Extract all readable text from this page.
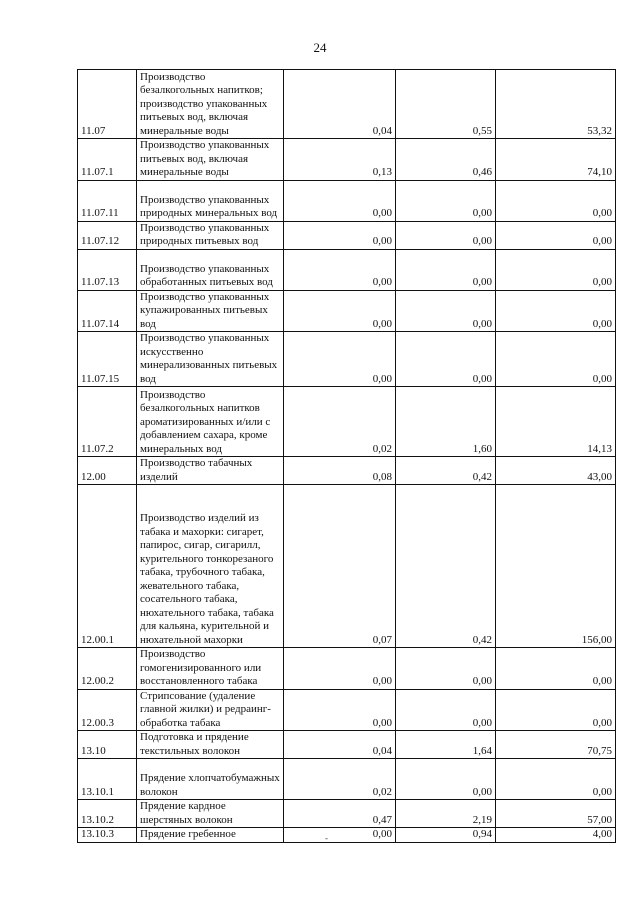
24
11.07	Производство безалкогольных напитков; производство упакованных питьевых вод, включая минеральные воды	0,04	0,55	53,32
11.07.1	Производство упакованных питьевых вод, включая минеральные воды	0,13	0,46	74,10
11.07.11	Производство упакованных природных минеральных вод	0,00	0,00	0,00
11.07.12	Производство упакованных природных питьевых вод	0,00	0,00	0,00
11.07.13	Производство упакованных обработанных питьевых вод	0,00	0,00	0,00
11.07.14	Производство упакованных купажированных питьевых вод	0,00	0,00	0,00
11.07.15	Производство упакованных искусственно минерализованных питьевых вод	0,00	0,00	0,00
11.07.2	Производство безалкогольных напитков ароматизированных и/или с добавлением сахара, кроме минеральных вод	0,02	1,60	14,13
12.00	Производство табачных изделий	0,08	0,42	43,00
12.00.1	Производство изделий из табака и махорки: сигарет, папирос, сигар, сигарилл, курительного тонкорезаного табака, трубочного табака, жевательного табака, сосательного табака, нюхательного табака, табака для кальяна, курительной и нюхательной махорки	0,07	0,42	156,00
12.00.2	Производство гомогенизированного или восстановленного табака	0,00	0,00	0,00
12.00.3	Стрипсование (удаление главной жилки) и редраинг-обработка табака	0,00	0,00	0,00
13.10	Подготовка и прядение текстильных волокон	0,04	1,64	70,75
13.10.1	Прядение хлопчатобумажных волокон	0,02	0,00	0,00
13.10.2	Прядение кардное шерстяных волокон	0,47	2,19	57,00
13.10.3	Прядение гребенное	0,00	0,94	4,00
-
